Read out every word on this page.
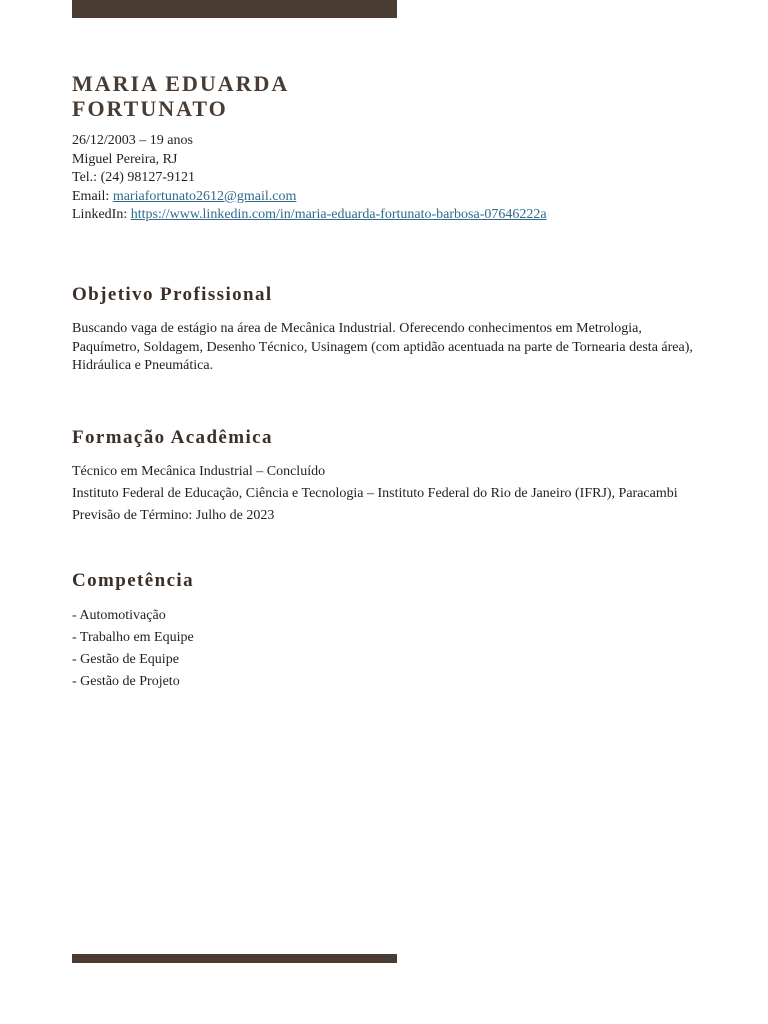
MARIA EDUARDA
FORTUNATO
26/12/2003 – 19 anos
Miguel Pereira, RJ
Tel.: (24) 98127-9121
Email: mariafortunato2612@gmail.com
LinkedIn: https://www.linkedin.com/in/maria-eduarda-fortunato-barbosa-07646222a
Objetivo Profissional
Buscando vaga de estágio na área de Mecânica Industrial. Oferecendo conhecimentos em Metrologia, Paquímetro, Soldagem, Desenho Técnico, Usinagem (com aptidão acentuada na parte de Tornearia desta área), Hidráulica e Pneumática.
Formação Acadêmica
Técnico em Mecânica Industrial – Concluído
Instituto Federal de Educação, Ciência e Tecnologia – Instituto Federal do Rio de Janeiro (IFRJ), Paracambi
Previsão de Término: Julho de 2023
Competência
- Automotivação
- Trabalho em Equipe
- Gestão de Equipe
- Gestão de Projeto
